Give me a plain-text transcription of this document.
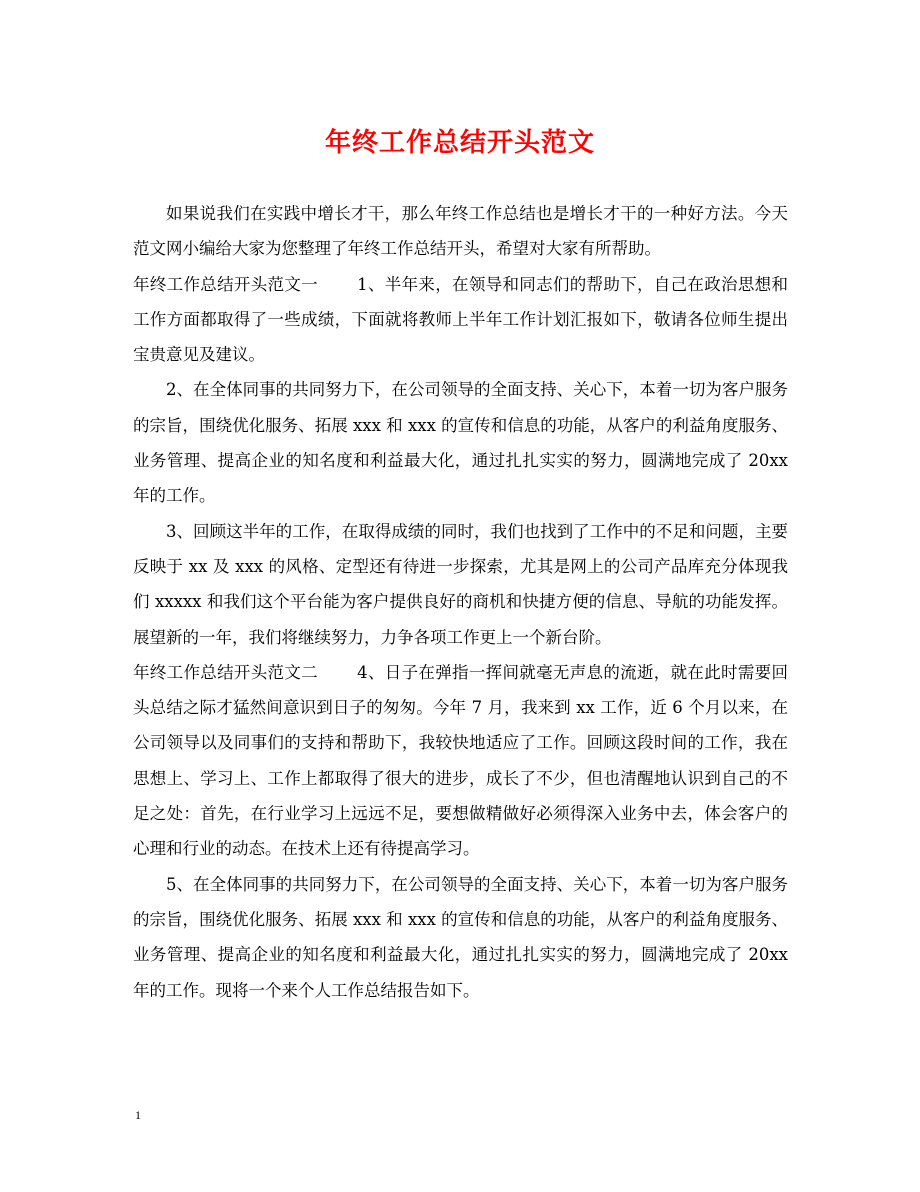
年终工作总结开头范文

如果说我们在实践中增长才干，那么年终工作总结也是增长才干的一种好方法。今天范文网小编给大家为您整理了年终工作总结开头，希望对大家有所帮助。

年终工作总结开头范文一　　 1、半年来，在领导和同志们的帮助下，自己在政治思想和工作方面都取得了一些成绩，下面就将教师上半年工作计划汇报如下，敬请各位师生提出宝贵意见及建议。

2、在全体同事的共同努力下，在公司领导的全面支持、关心下，本着一切为客户服务的宗旨，围绕优化服务、拓展 xxx 和 xxx 的宣传和信息的功能，从客户的利益角度服务、业务管理、提高企业的知名度和利益最大化，通过扎扎实实的努力，圆满地完成了 20xx 年的工作。

3、回顾这半年的工作，在取得成绩的同时，我们也找到了工作中的不足和问题，主要反映于 xx 及 xxx 的风格、定型还有待进一步探索，尤其是网上的公司产品库充分体现我们 xxxxx 和我们这个平台能为客户提供良好的商机和快捷方便的信息、导航的功能发挥。展望新的一年，我们将继续努力，力争各项工作更上一个新台阶。

年终工作总结开头范文二　　 4、日子在弹指一挥间就毫无声息的流逝，就在此时需要回头总结之际才猛然间意识到日子的匆匆。今年 7 月，我来到 xx 工作，近 6 个月以来，在公司领导以及同事们的支持和帮助下，我较快地适应了工作。回顾这段时间的工作，我在思想上、学习上、工作上都取得了很大的进步，成长了不少，但也清醒地认识到自己的不足之处：首先，在行业学习上远远不足，要想做精做好必须得深入业务中去，体会客户的心理和行业的动态。在技术上还有待提高学习。

5、在全体同事的共同努力下，在公司领导的全面支持、关心下，本着一切为客户服务的宗旨，围绕优化服务、拓展 xxx 和 xxx 的宣传和信息的功能，从客户的利益角度服务、业务管理、提高企业的知名度和利益最大化，通过扎扎实实的努力，圆满地完成了 20xx 年的工作。现将一个来个人工作总结报告如下。

1
